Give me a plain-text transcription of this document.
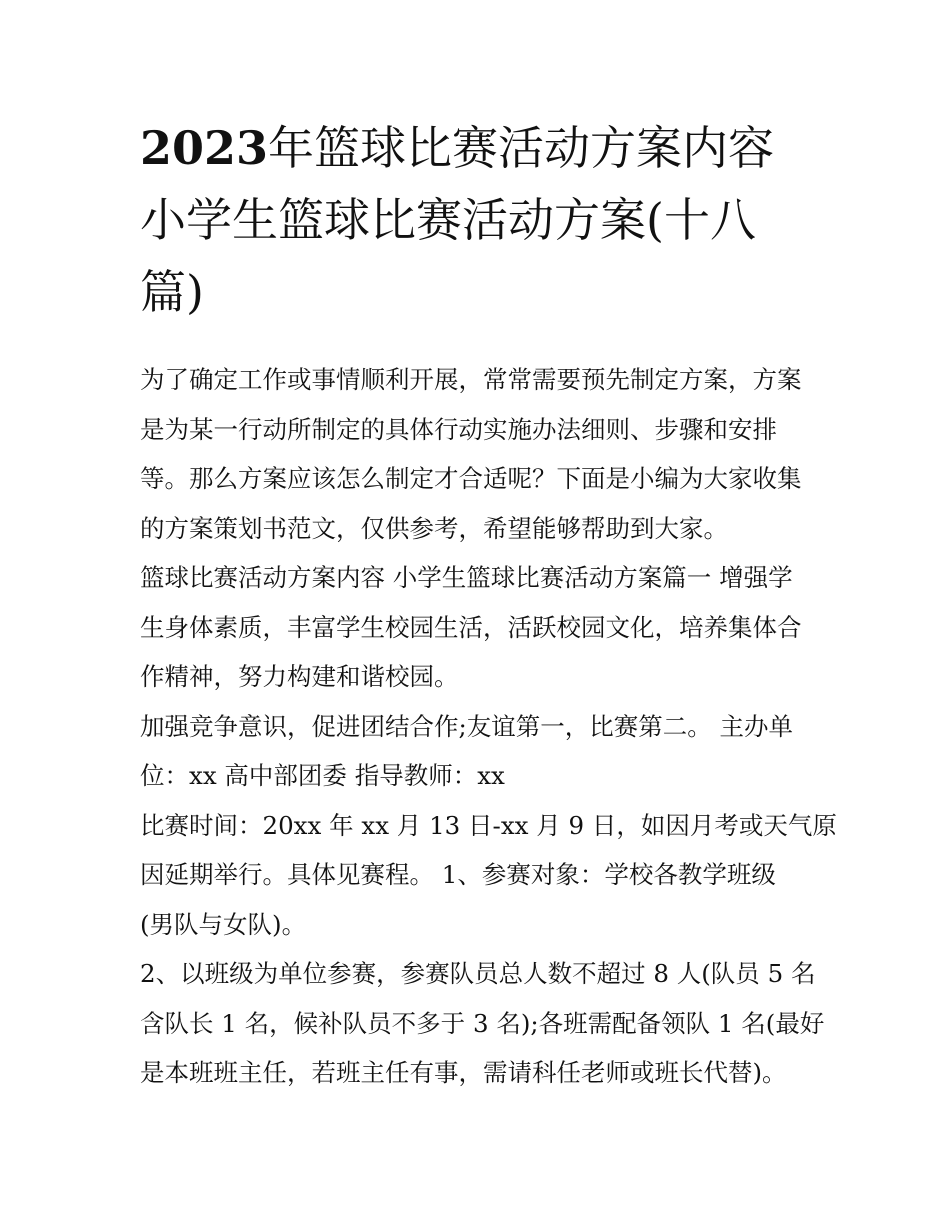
2023年篮球比赛活动方案内容
小学生篮球比赛活动方案(十八
篇)
为了确定工作或事情顺利开展，常常需要预先制定方案，方案
是为某一行动所制定的具体行动实施办法细则、步骤和安排
等。那么方案应该怎么制定才合适呢？下面是小编为大家收集
的方案策划书范文，仅供参考，希望能够帮助到大家。
篮球比赛活动方案内容 小学生篮球比赛活动方案篇一 增强学
生身体素质，丰富学生校园生活，活跃校园文化，培养集体合
作精神，努力构建和谐校园。
加强竞争意识，促进团结合作;友谊第一，比赛第二。 主办单
位：xx 高中部团委 指导教师：xx
比赛时间：20xx 年 xx 月 13 日-xx 月 9 日，如因月考或天气原
因延期举行。具体见赛程。 1、参赛对象：学校各教学班级
(男队与女队)。
2、以班级为单位参赛，参赛队员总人数不超过 8 人(队员 5 名
含队长 1 名，候补队员不多于 3 名);各班需配备领队 1 名(最好
是本班班主任，若班主任有事，需请科任老师或班长代替)。
